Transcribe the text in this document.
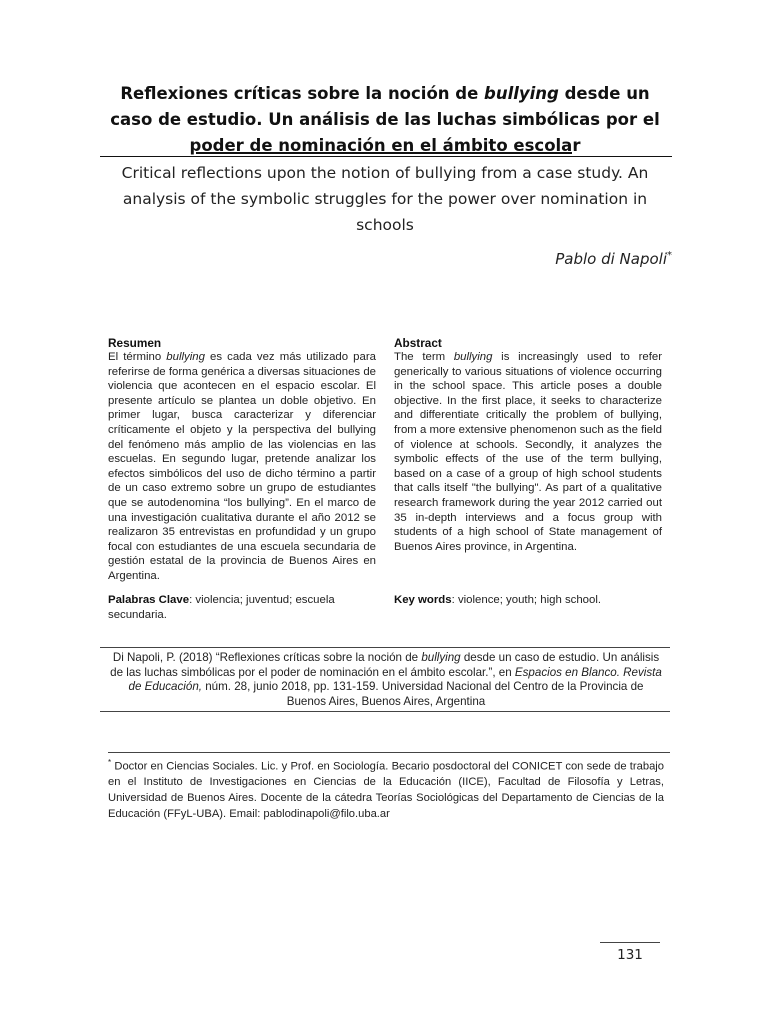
Reflexiones críticas sobre la noción de bullying desde un caso de estudio. Un análisis de las luchas simbólicas por el poder de nominación en el ámbito escolar
Critical reflections upon the notion of bullying from a case study. An analysis of the symbolic struggles for the power over nomination in schools
Pablo di Napoli*
Resumen

El término bullying es cada vez más utilizado para referirse de forma genérica a diversas situaciones de violencia que acontecen en el espacio escolar. El presente artículo se plantea un doble objetivo. En primer lugar, busca caracterizar y diferenciar críticamente el objeto y la perspectiva del bullying del fenómeno más amplio de las violencias en las escuelas. En segundo lugar, pretende analizar los efectos simbólicos del uso de dicho término a partir de un caso extremo sobre un grupo de estudiantes que se autodenomina “los bullying”. En el marco de una investigación cualitativa durante el año 2012 se realizaron 35 entrevistas en profundidad y un grupo focal con estudiantes de una escuela secundaria de gestión estatal de la provincia de Buenos Aires en Argentina.

Abstract

The term bullying is increasingly used to refer generically to various situations of violence occurring in the school space. This article poses a double objective. In the first place, it seeks to characterize and differentiate critically the problem of bullying, from a more extensive phenomenon such as the field of violence at schools. Secondly, it analyzes the symbolic effects of the use of the term bullying, based on a case of a group of high school students that calls itself "the bullying". As part of a qualitative research framework during the year 2012 carried out 35 in-depth interviews and a focus group with students of a high school of State management of Buenos Aires province, in Argentina.

Palabras Clave: violencia; juventud; escuela secundaria.
Key words: violence; youth; high school.
Di Napoli, P. (2018) “Reflexiones críticas sobre la noción de bullying desde un caso de estudio. Un análisis de las luchas simbólicas por el poder de nominación en el ámbito escolar.”, en Espacios en Blanco. Revista de Educación, núm. 28, junio 2018, pp. 131-159. Universidad Nacional del Centro de la Provincia de Buenos Aires, Buenos Aires, Argentina
* Doctor en Ciencias Sociales. Lic. y Prof. en Sociología. Becario posdoctoral del CONICET con sede de trabajo en el Instituto de Investigaciones en Ciencias de la Educación (IICE), Facultad de Filosofía y Letras, Universidad de Buenos Aires. Docente de la cátedra Teorías Sociológicas del Departamento de Ciencias de la Educación (FFyL-UBA). Email: pablodinapoli@filo.uba.ar
131
